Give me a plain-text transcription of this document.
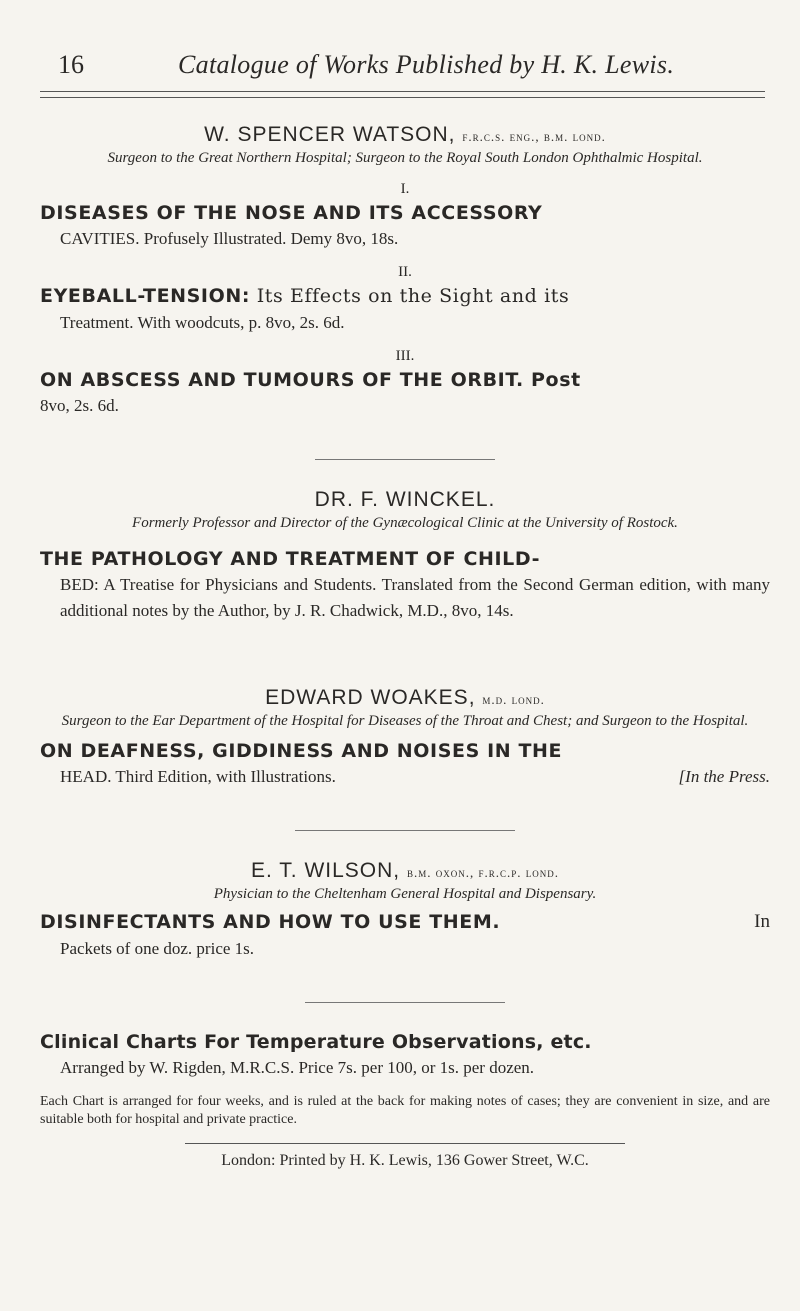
16	Catalogue of Works Published by H. K. Lewis.
W. SPENCER WATSON, f.r.c.s. eng., b.m. lond.
Surgeon to the Great Northern Hospital; Surgeon to the Royal South London Ophthalmic Hospital.
I.
DISEASES OF THE NOSE AND ITS ACCESSORY
CAVITIES. Profusely Illustrated. Demy 8vo, 18s.
II.
EYEBALL-TENSION: Its Effects on the Sight and its
Treatment. With woodcuts, p. 8vo, 2s. 6d.
III.
ON ABSCESS AND TUMOURS OF THE ORBIT. Post
8vo, 2s. 6d.
DR. F. WINCKEL.
Formerly Professor and Director of the Gynæcological Clinic at the University of Rostock.
THE PATHOLOGY AND TREATMENT OF CHILD-
BED: A Treatise for Physicians and Students. Translated from the Second German edition, with many additional notes by the Author, by J. R. Chadwick, M.D., 8vo, 14s.
EDWARD WOAKES, m.d. lond.
Surgeon to the Ear Department of the Hospital for Diseases of the Throat and Chest; and Surgeon to the Hospital.
ON DEAFNESS, GIDDINESS AND NOISES IN THE
HEAD. Third Edition, with Illustrations.	[In the Press.
E. T. WILSON, b.m. oxon., f.r.c.p. lond.
Physician to the Cheltenham General Hospital and Dispensary.
DISINFECTANTS AND HOW TO USE THEM.	In
Packets of one doz. price 1s.
Clinical Charts For Temperature Observations, etc.
Arranged by W. Rigden, M.R.C.S. Price 7s. per 100, or 1s. per dozen.
Each Chart is arranged for four weeks, and is ruled at the back for making notes of cases; they are convenient in size, and are suitable both for hospital and private practice.
London: Printed by H. K. Lewis, 136 Gower Street, W.C.
